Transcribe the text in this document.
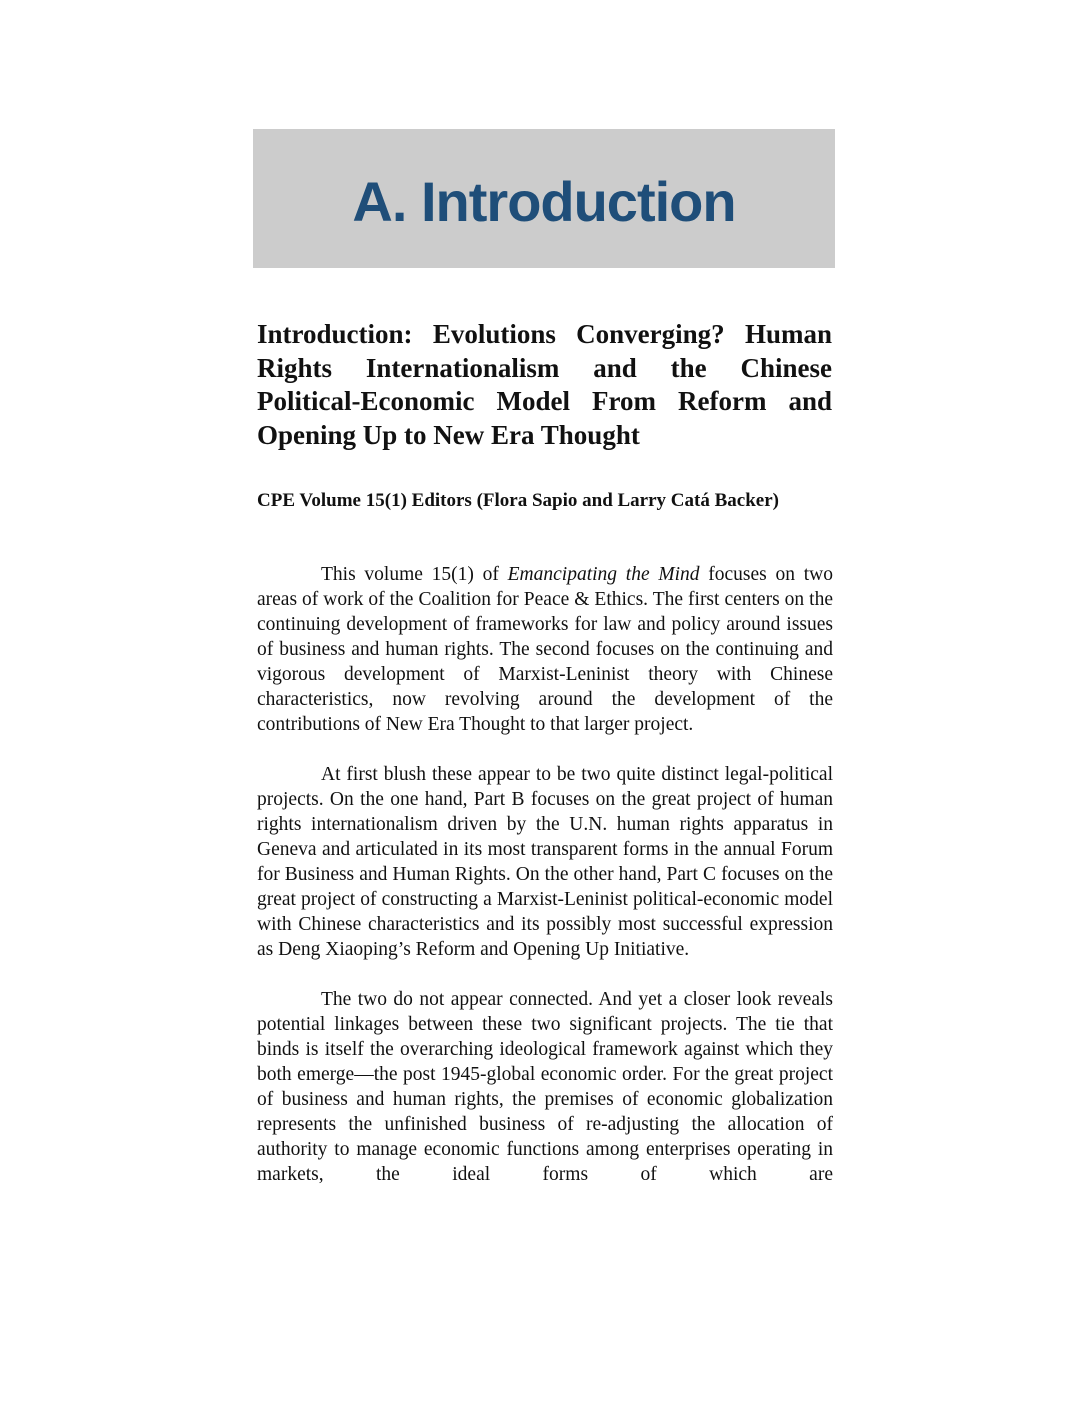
A. Introduction
Introduction: Evolutions Converging? Human Rights Internationalism and the Chinese Political-Economic Model From Reform and Opening Up to New Era Thought

CPE Volume 15(1) Editors (Flora Sapio and Larry Catá Backer)

This volume 15(1) of Emancipating the Mind focuses on two areas of work of the Coalition for Peace & Ethics. The first centers on the continuing development of frameworks for law and policy around issues of business and human rights. The second focuses on the continuing and vigorous development of Marxist-Leninist theory with Chinese characteristics, now revolving around the development of the contributions of New Era Thought to that larger project.

At first blush these appear to be two quite distinct legal-political projects. On the one hand, Part B focuses on the great project of human rights internationalism driven by the U.N. human rights apparatus in Geneva and articulated in its most transparent forms in the annual Forum for Business and Human Rights. On the other hand, Part C focuses on the great project of constructing a Marxist-Leninist political-economic model with Chinese characteristics and its possibly most successful expression as Deng Xiaoping’s Reform and Opening Up Initiative.

The two do not appear connected. And yet a closer look reveals potential linkages between these two significant projects. The tie that binds is itself the overarching ideological framework against which they both emerge—the post 1945-global economic order. For the great project of business and human rights, the premises of economic globalization represents the unfinished business of re-adjusting the allocation of authority to manage economic functions among enterprises operating in markets, the ideal forms of which are
